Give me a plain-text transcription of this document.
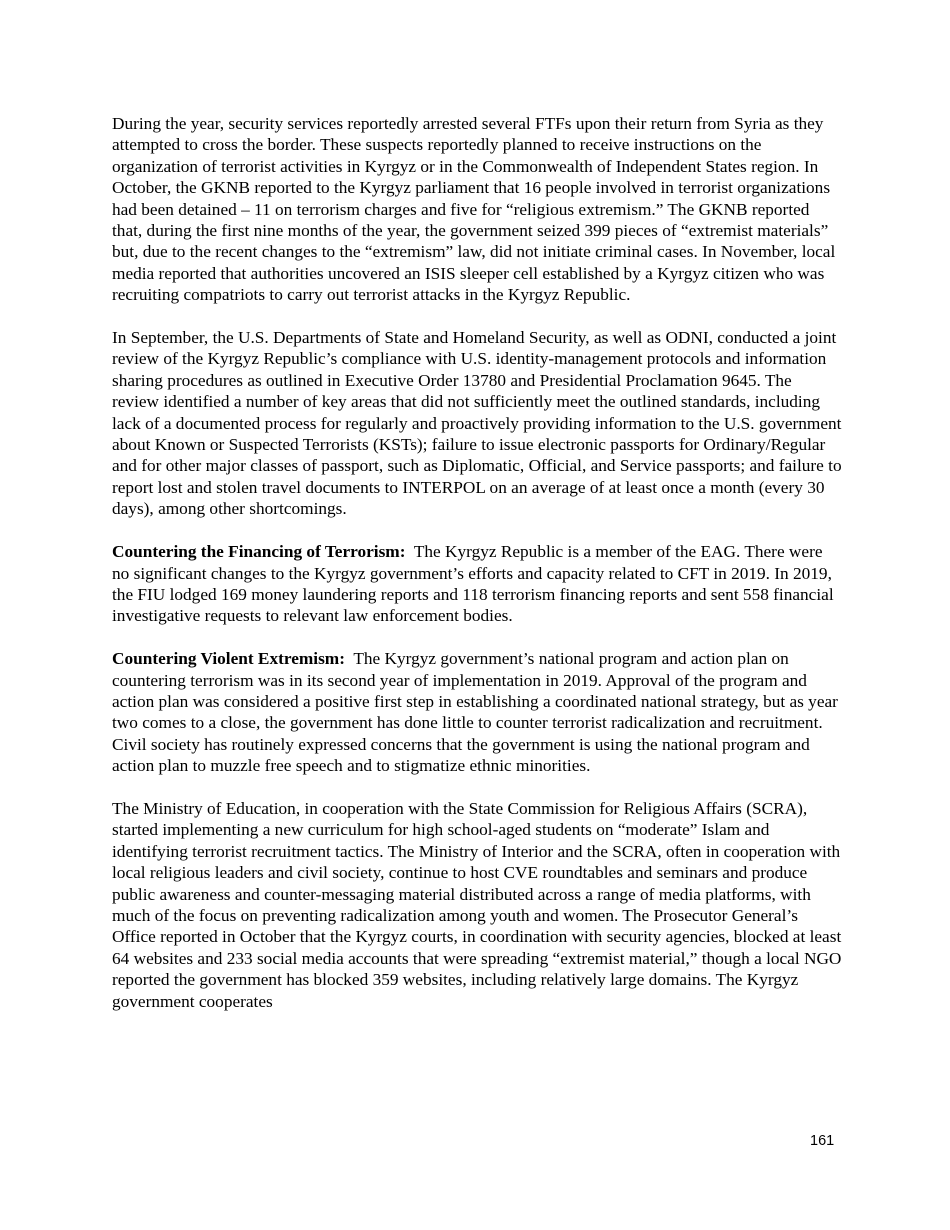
During the year, security services reportedly arrested several FTFs upon their return from Syria as they attempted to cross the border. These suspects reportedly planned to receive instructions on the organization of terrorist activities in Kyrgyz or in the Commonwealth of Independent States region. In October, the GKNB reported to the Kyrgyz parliament that 16 people involved in terrorist organizations had been detained – 11 on terrorism charges and five for “religious extremism.” The GKNB reported that, during the first nine months of the year, the government seized 399 pieces of “extremist materials” but, due to the recent changes to the “extremism” law, did not initiate criminal cases. In November, local media reported that authorities uncovered an ISIS sleeper cell established by a Kyrgyz citizen who was recruiting compatriots to carry out terrorist attacks in the Kyrgyz Republic.

In September, the U.S. Departments of State and Homeland Security, as well as ODNI, conducted a joint review of the Kyrgyz Republic’s compliance with U.S. identity-management protocols and information sharing procedures as outlined in Executive Order 13780 and Presidential Proclamation 9645. The review identified a number of key areas that did not sufficiently meet the outlined standards, including lack of a documented process for regularly and proactively providing information to the U.S. government about Known or Suspected Terrorists (KSTs); failure to issue electronic passports for Ordinary/Regular and for other major classes of passport, such as Diplomatic, Official, and Service passports; and failure to report lost and stolen travel documents to INTERPOL on an average of at least once a month (every 30 days), among other shortcomings.

Countering the Financing of Terrorism: The Kyrgyz Republic is a member of the EAG. There were no significant changes to the Kyrgyz government’s efforts and capacity related to CFT in 2019. In 2019, the FIU lodged 169 money laundering reports and 118 terrorism financing reports and sent 558 financial investigative requests to relevant law enforcement bodies.

Countering Violent Extremism: The Kyrgyz government’s national program and action plan on countering terrorism was in its second year of implementation in 2019. Approval of the program and action plan was considered a positive first step in establishing a coordinated national strategy, but as year two comes to a close, the government has done little to counter terrorist radicalization and recruitment. Civil society has routinely expressed concerns that the government is using the national program and action plan to muzzle free speech and to stigmatize ethnic minorities.

The Ministry of Education, in cooperation with the State Commission for Religious Affairs (SCRA), started implementing a new curriculum for high school-aged students on “moderate” Islam and identifying terrorist recruitment tactics. The Ministry of Interior and the SCRA, often in cooperation with local religious leaders and civil society, continue to host CVE roundtables and seminars and produce public awareness and counter-messaging material distributed across a range of media platforms, with much of the focus on preventing radicalization among youth and women. The Prosecutor General’s Office reported in October that the Kyrgyz courts, in coordination with security agencies, blocked at least 64 websites and 233 social media accounts that were spreading “extremist material,” though a local NGO reported the government has blocked 359 websites, including relatively large domains. The Kyrgyz government cooperates

161
